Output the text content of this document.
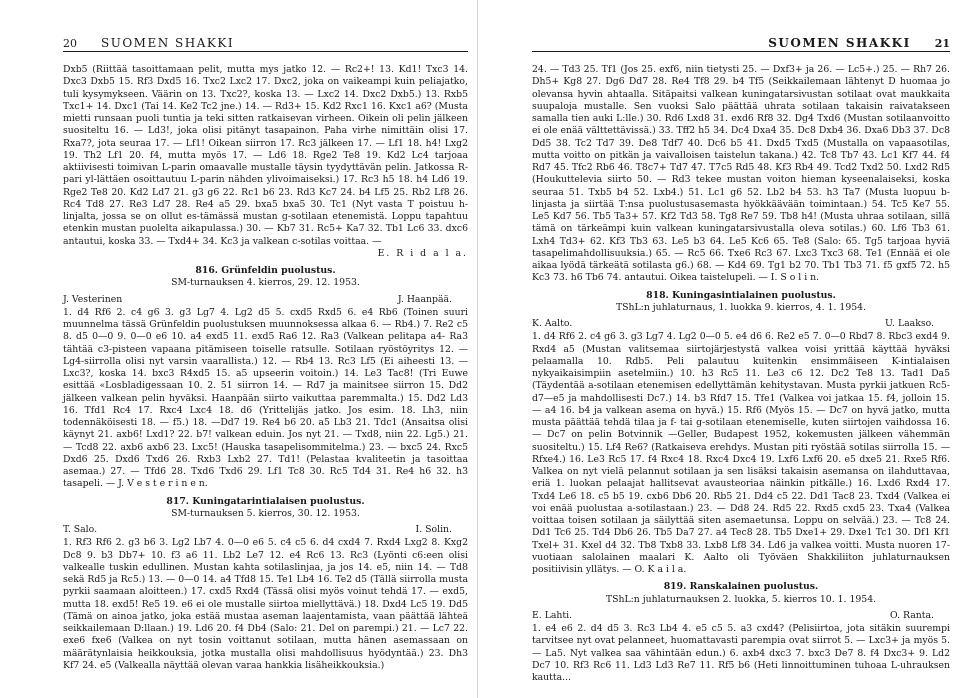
20 SUOMEN SHAKKI

Dxb5 (Riittää tasoittamaan pelit, mutta mys jatko 12. — Rc2+! 13. Kd1! Txc3 14. Dxc3 Dxb5 15. Rf3 Dxd5 16. Txc2 Lxc2 17. Dxc2, joka on vaikeampi kuin peliajatko, tuli kysymykseen. Väärin on 13. Txc2?, koska 13. — Lxc2 14. Dxc2 Dxb5.) 13. Rxb5 Txc1+ 14. Dxc1 (Tai 14. Ke2 Tc2 jne.) 14. — Rd3+ 15. Kd2 Rxc1 16. Kxc1 a6? (Musta mietti runsaan puoli tuntia ja teki sitten ratkaisevan virheen. Oikein oli pelin jälkeen suositeltu 16. — Ld3!, joka olisi pitänyt tasapainon. Paha virhe nimittäin olisi 17. Rxa7?, jota seuraa 17. — Lf1! Oikean siirron 17. Rc3 jälkeen 17. — Lf1 18. h4! Lxg2 19. Th2 Lf1 20. f4, mutta myös 17. — Ld6 18. Rge2 Te8 19. Kd2 Lc4 tarjoaa aktiivisesti toimivan L-parin omaavalle mustalle täysin tyydyttävän pelin. Jatkossa R-pari yl-lättäen osoittautuu L-parin nähden ylivoimaiseksi.) 17. Rc3 h5 18. h4 Ld6 19. Rge2 Te8 20. Kd2 Ld7 21. g3 g6 22. Rc1 b6 23. Rd3 Kc7 24. b4 Lf5 25. Rb2 Lf8 26. Rc4 Td8 27. Re3 Ld7 28. Re4 a5 29. bxa5 bxa5 30. Tc1 (Nyt vasta T poistuu h-linjalta, jossa se on ollut es-tämässä mustan g-sotilaan etenemistä. Loppu tapahtuu etenkin mustan puolelta aikapulassa.) 30. — Kb7 31. Rc5+ Ka7 32. Tb1 Lc6 33. dxc6 antautui, koska 33. — Txd4+ 34. Kc3 ja valkean c-sotilas voittaa. —

E. R i d a l a.

816. Grünfeldin puolustus.
SM-turnauksen 4. kierros, 29. 12. 1953.
J. Vesterinen	J. Haanpää.

1. d4 Rf6 2. c4 g6 3. g3 Lg7 4. Lg2 d5 5. cxd5 Rxd5 6. e4 Rb6 (Toinen suuri muunnelma tässä Grünfeldin puolustuksen muunnoksessa alkaa 6. — Rb4.) 7. Re2 c5 8. d5 0—0 9. 0—0 e6 10. a4 exd5 11. exd5 Ra6 12. Ra3 (Valkean pelitapa a4- Ra3 tähtää c3-pisteen vapaana pitämiseen toiselle ratsulle. Sotilaan ryöstöyritys 12. — Lg4-siirrolla olisi nyt varsin vaarallista.) 12. — Rb4 13. Rc3 Lf5 (Ei aiheesti 13. — Lxc3?, koska 14. bxc3 R4xd5 15. a5 upseerin voitoin.) 14. Le3 Tac8! (Tri Euwe esittää «Losbladigessaan 10. 2. 51 siirron 14. — Rd7 ja mainitsee siirron 15. Dd2 jälkeen valkean pelin hyväksi. Haanpään siirto vaikuttaa paremmalta.) 15. Dd2 Ld3 16. Tfd1 Rc4 17. Rxc4 Lxc4 18. d6 (Yrittelijäs jatko. Jos esim. 18. Lh3, niin todennäköisesti 18. — f5.) 18. —Dd7 19. Re4 b6 20. a5 Lb3 21. Tdc1 (Ansaitsa olisi käynyt 21. axb6! Lxd1? 22. b7! valkean eduin. Jos nyt 21. — Txd8, niin 22. Lg5.) 21. — Tcd8 22. axb6 axb6 23. Lxc5! (Hauska tasapelisommitelma.) 23. — bxc5 24. Rxc5 Dxd6 25. Dxd6 Txd6 26. Rxb3 Lxb2 27. Td1! (Pelastaa kvaliteetin ja tasoittaa asemaa.) 27. — Tfd6 28. Txd6 Txd6 29. Lf1 Tc8 30. Rc5 Td4 31. Re4 h6 32. h3 tasapeli. — J. V e s t e r i n e n.

817. Kuningatarintialaisen puolustus.
SM-turnauksen 5. kierros, 30. 12. 1953.
T. Salo.	I. Solin.

1. Rf3 Rf6 2. g3 b6 3. Lg2 Lb7 4. 0—0 e6 5. c4 c5 6. d4 cxd4 7. Rxd4 Lxg2 8. Kxg2 Dc8 9. b3 Db7+ 10. f3 a6 11. Lb2 Le7 12. e4 Rc6 13. Rc3 (Lyönti c6:een olisi valkealle tuskin edullinen. Mustan kahta sotilaslinjaa, ja jos 14. e5, niin 14. — Td8 sekä Rd5 ja Rc5.) 13. — 0—0 14. a4 Tfd8 15. Te1 Lb4 16. Te2 d5 (Tällä siirrolla musta pyrkii saamaan aloitteen.) 17. cxd5 Rxd4 (Tässä olisi myös voinut tehdä 17. — exd5, mutta 18. exd5! Re5 19. e6 ei ole mustalle siirtoa miellyttävä.) 18. Dxd4 Lc5 19. Dd5 (Tämä on ainoa jatko, joka estää mustaa aseman laajentamista, vaan päättää lähteä seikkailemaan D:llaan.) 19. Ld6 20. f4 Db4 (Salo: 21. Del on parempi.) 21. — Lc7 22. exe6 fxe6 (Valkea on nyt tosin voittanut sotilaan, mutta hänen asemassaan on määrätynlaisia heikkouksia, jotka mustalla olisi mahdollisuus hyödyntää.) 23. Dh3 Kf7 24. e5 (Valkealla näyttää olevan varaa hankkia lisäheikkouksia.)

SUOMEN SHAKKI 21

24. — Td3 25. Tf1 (Jos 25. exf6, niin tietysti 25. — Dxf3+ ja 26. — Lc5+.) 25. — Rh7 26. Dh5+ Kg8 27. Dg6 Dd7 28. Re4 Tf8 29. b4 Tf5 (Seikkailemaan lähtenyt D huomaa jo olevansa hyvin ahtaalla. Sitäpaitsi valkean kuningatarsivustan sotilaat ovat maukkaita suupaloja mustalle. Sen vuoksi Salo päättää uhrata sotilaan takaisin raivatakseen samalla tien auki L:lle.) 30. Rd6 Lxd8 31. exd6 Rf8 32. Dg4 Txd6 (Mustan sotilaanvoitto ei ole enää välttettävissä.) 33. Tff2 h5 34. Dc4 Dxa4 35. Dc8 Dxb4 36. Dxa6 Db3 37. Dc8 Dd5 38. Tc2 Td7 39. De8 Tdf7 40. Dc6 b5 41. Dxd5 Txd5 (Mustalla on vapaasotilas, mutta voitto on pitkän ja vaivalloisen taistelun takana.) 42. Tc8 Tb7 43. Lc1 Kf7 44. f4 Rd7 45. Tfc2 Rb6 46. T8c7+ Td7 47. T7c5 Rd5 48. Kf3 Rb4 49. Tcd2 Txd2 50. Lxd2 Rd5 (Houkuttelevia siirto 50. — Rd3 tekee mustan voiton hieman kyseenalaiseksi, koska seuraa 51. Txb5 b4 52. Lxb4.) 51. Lc1 g6 52. Lb2 b4 53. h3 Ta7 (Musta luopuu b-linjasta ja siirtää T:nsa puolustusasemasta hyökkäävään toimintaan.) 54. Tc5 Ke7 55. Le5 Kd7 56. Tb5 Ta3+ 57. Kf2 Td3 58. Tg8 Re7 59. Tb8 h4! (Musta uhraa sotilaan, sillä tämä on tärkeämpi kuin valkean kuningatarsivustalla oleva sotilas.) 60. Lf6 Tb3 61. Lxh4 Td3+ 62. Kf3 Tb3 63. Le5 b3 64. Le5 Kc6 65. Te8 (Salo: 65. Tg5 tarjoaa hyviä tasapelimahdollisuuksia.) 65. — Rc5 66. Txe6 Rc3 67. Lxc3 Txc3 68. Te1 (Ennää ei ole aikaa lyödä tärkeätä sotilasta g6.) 68. — Kd4 69. Tg1 b2 70. Tb1 Tb3 71. f5 gxf5 72. h5 Kc3 73. h6 Tb6 74. antautui. Oikea taistelupeli. — I. S o l i n.

818. Kuningasintialainen puolustus.
TShL:n juhlaturnaus, 1. luokka 9. kierros, 4. 1. 1954.
K. Aalto.	U. Laakso.

1. d4 Rf6 2. c4 g6 3. g3 Lg7 4. Lg2 0—0 5. e4 d6 6. Re2 e5 7. 0—0 Rbd7 8. Rbc3 exd4 9. Rxd4 a5 (Mustan valitsemaa siirtojärjestystä valkea voisi yrittää käyttää hyväksi pelaamalla 10. Rdb5. Peli palautuu kuitenkin ensimmäiseen K-intialaisen nykyaikaisimpiin asetelmiin.) 10. h3 Rc5 11. Le3 c6 12. Dc2 Te8 13. Tad1 Da5 (Täydentää a-sotilaan etenemisen edellyttämän kehitystavan. Musta pyrkii jatkuen Rc5-d7—e5 ja mahdollisesti Dc7.) 14. b3 Rfd7 15. Tfe1 (Valkea voi jatkaa 15. f4, jolloin 15. — a4 16. b4 ja valkean asema on hyvä.) 15. Rf6 (Myös 15. — Dc7 on hyvä jatko, mutta musta päättää tehdä tilaa ja f- tai g-sotilaan etenemiselle, kuten siirtojen vaihdossa 16. — Dc7 on pelin Botvinnik —Geller, Budapest 1952, kokemusten jälkeen vähemmän suositeltu.) 15. Lf4 Re6? (Ratkaiseva erehdys. Mustan piti ryöstää sotilas siirrolla 15. — Rfxe4.) 16. Le3 Rc5 17. f4 Rxc4 18. Rxc4 Dxc4 19. Lxf6 Lxf6 20. e5 dxe5 21. Rxe5 Rf6. Valkea on nyt vielä pelannut sotilaan ja sen lisäksi takaisin asemansa on ilahduttavaa, eriä 1. luokan pelaajat hallitsevat avausteoriaa näinkin pitkälle.) 16. Lxd6 Rxd4 17. Txd4 Le6 18. c5 b5 19. cxb6 Db6 20. Rb5 21. Dd4 c5 22. Dd1 Tac8 23. Txd4 (Valkea ei voi enää puolustaa a-sotilastaan.) 23. — Dd8 24. Rd5 22. Rxd5 cxd5 23. Txa4 (Valkea voittaa toisen sotilaan ja säilyttää siten asemaetunsa. Loppu on selvää.) 23. — Tc8 24. Dd1 Tc6 25. Td4 Db6 26. Tb5 Da7 27. a4 Tec8 28. Tb5 Dxe1+ 29. Dxe1 Tc1 30. Df1 Kf1 Txel+ 31. Kxel d4 32. Tb8 Txb8 33. Lxb8 Lf8 34. Ld6 ja valkea voitti. Musta nuoren 17-vuotiaan salolainen maalari K. Aalto oli Työväen Shakkiliiton juhlaturnauksen positiivisin yllätys. — O. K a i l a.

819. Ranskalainen puolustus.
TShL:n juhlaturnauksen 2. luokka, 5. kierros 10. 1. 1954.
E. Lahti.	O. Ranta.

1. e4 e6 2. d4 d5 3. Rc3 Lb4 4. e5 c5 5. a3 cxd4? (Pelisiirtoa, jota sitäkin suurempi tarvitsee nyt ovat pelanneet, huomattavasti parempia ovat siirrot 5. — Lxc3+ ja myös 5. — La5. Nyt valkea saa vähintään edun.) 6. axb4 dxc3 7. bxc3 De7 8. f4 Dxc3+ 9. Ld2 Dc7 10. Rf3 Rc6 11. Ld3 Ld3 Re7 11. Rf5 b6 (Heti linnoittuminen tuhoaa L-uhrauksen kautta...
